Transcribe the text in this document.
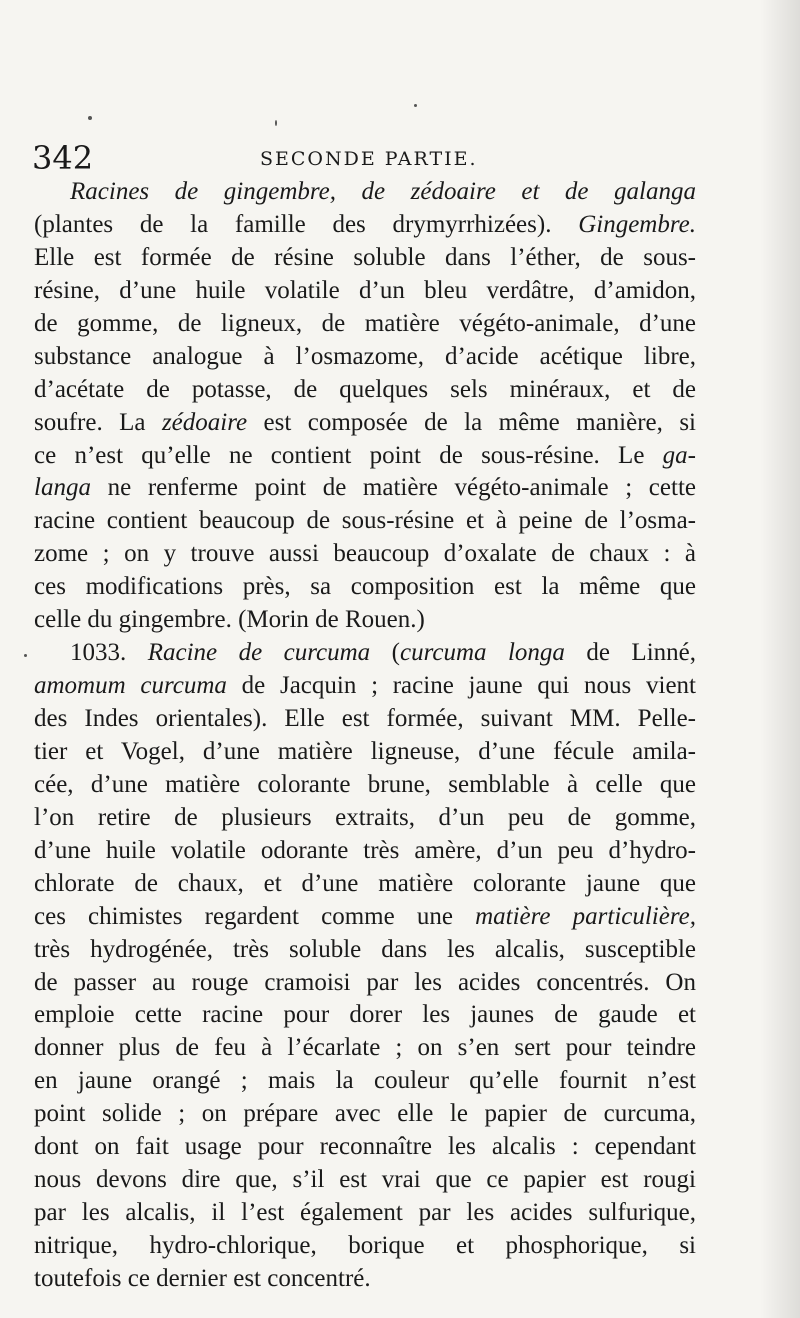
342	SECONDE PARTIE.
Racines de gingembre, de zédoaire et de galanga
(plantes de la famille des drymyrrhizées). Gingembre.
Elle est formée de résine soluble dans l’éther, de sous-
résine, d’une huile volatile d’un bleu verdâtre, d’amidon,
de gomme, de ligneux, de matière végéto-animale, d’une
substance analogue à l’osmazome, d’acide acétique libre,
d’acétate de potasse, de quelques sels minéraux, et de
soufre. La zédoaire est composée de la même manière, si
ce n’est qu’elle ne contient point de sous-résine. Le ga-
langa ne renferme point de matière végéto-animale ; cette
racine contient beaucoup de sous-résine et à peine de l’osma-
zome ; on y trouve aussi beaucoup d’oxalate de chaux : à
ces modifications près, sa composition est la même que
celle du gingembre. (Morin de Rouen.)
1033. Racine de curcuma (curcuma longa de Linné,
amomum curcuma de Jacquin ; racine jaune qui nous vient
des Indes orientales). Elle est formée, suivant MM. Pelle-
tier et Vogel, d’une matière ligneuse, d’une fécule amila-
cée, d’une matière colorante brune, semblable à celle que
l’on retire de plusieurs extraits, d’un peu de gomme,
d’une huile volatile odorante très amère, d’un peu d’hydro-
chlorate de chaux, et d’une matière colorante jaune que
ces chimistes regardent comme une matière particulière,
très hydrogénée, très soluble dans les alcalis, susceptible
de passer au rouge cramoisi par les acides concentrés. On
emploie cette racine pour dorer les jaunes de gaude et
donner plus de feu à l’écarlate ; on s’en sert pour teindre
en jaune orangé ; mais la couleur qu’elle fournit n’est
point solide ; on prépare avec elle le papier de curcuma,
dont on fait usage pour reconnaître les alcalis : cependant
nous devons dire que, s’il est vrai que ce papier est rougi
par les alcalis, il l’est également par les acides sulfurique,
nitrique, hydro-chlorique, borique et phosphorique, si
toutefois ce dernier est concentré.
